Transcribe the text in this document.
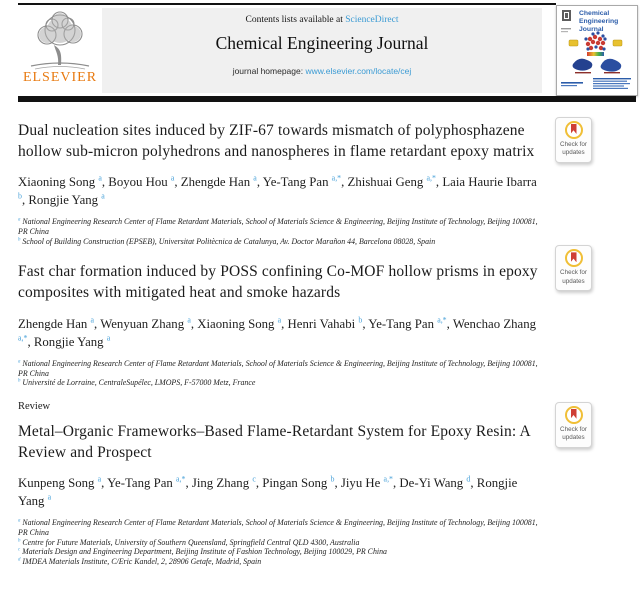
ELSEVIER
Contents lists available at ScienceDirect
Chemical Engineering Journal
journal homepage: www.elsevier.com/locate/cej
Chemical
Engineering
Journal
Dual nucleation sites induced by ZIF-67 towards mismatch of polyphosphazene hollow sub-micron polyhedrons and nanospheres in flame retardant epoxy matrix
Xiaoning Song $^a$, Boyou Hou $^a$, Zhengde Han $^a$, Ye-Tang Pan $^{a,*}$, Zhishuai Geng $^{a,*}$, Laia Haurie Ibarra $^b$, Rongjie Yang $^a$
$^a$ National Engineering Research Center of Flame Retardant Materials, School of Materials Science & Engineering, Beijing Institute of Technology, Beijing 100081, PR China
$^b$ School of Building Construction (EPSEB), Universitat Politècnica de Catalunya, Av. Doctor Marañon 44, Barcelona 08028, Spain
Check for
updates
Fast char formation induced by POSS confining Co-MOF hollow prisms in epoxy composites with mitigated heat and smoke hazards
Zhengde Han $^a$, Wenyuan Zhang $^a$, Xiaoning Song $^a$, Henri Vahabi $^b$, Ye-Tang Pan $^{a,*}$, Wenchao Zhang $^{a,*}$, Rongjie Yang $^a$
$^a$ National Engineering Research Center of Flame Retardant Materials, School of Materials Science & Engineering, Beijing Institute of Technology, Beijing 100081, PR China
$^b$ Université de Lorraine, CentraleSupélec, LMOPS, F-57000 Metz, France
Check for
updates
Review
Metal–Organic Frameworks–Based Flame-Retardant System for Epoxy Resin: A Review and Prospect
Kunpeng Song $^a$, Ye-Tang Pan $^{a,*}$, Jing Zhang $^c$, Pingan Song $^b$, Jiyu He $^{a,*}$, De-Yi Wang $^d$, Rongjie Yang $^a$
$^a$ National Engineering Research Center of Flame Retardant Materials, School of Materials Science & Engineering, Beijing Institute of Technology, Beijing 100081, PR China
$^b$ Centre for Future Materials, University of Southern Queensland, Springfield Central QLD 4300, Australia
$^c$ Materials Design and Engineering Department, Beijing Institute of Fashion Technology, Beijing 100029, PR China
$^d$ IMDEA Materials Institute, C/Eric Kandel, 2, 28906 Getafe, Madrid, Spain
Check for
updates
